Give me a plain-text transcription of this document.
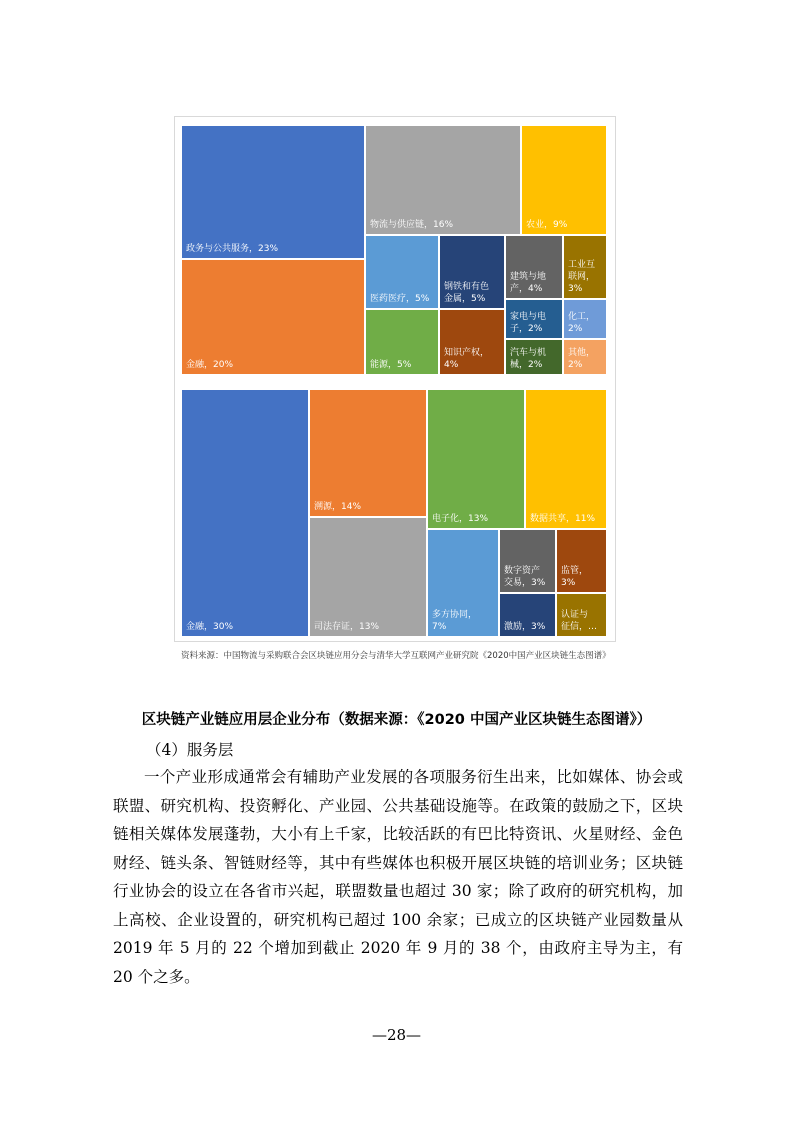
政务与公共服务，23%
金融，20%
物流与供应链，16%	农业，9%
医药医疗，5%
钢铁和有色
金属，5%
建筑与地
产，4%
工业互
联网，
3%
能源，5%
知识产权，
4%
家电与电
子，2%
化工，
2%
汽车与机
械，2%
其他，
2%
金融，30%
溯源，14%
司法存证，13%
电子化，13%	数据共享，11%
多方协同，
7%
数字资产
交易，3%
监管，3%
激励，3%
认证与
征信，…
资料来源：中国物流与采购联合会区块链应用分会与清华大学互联网产业研究院《2020中国产业区块链生态图谱》
区块链产业链应用层企业分布（数据来源：《2020 中国产业区块链生态图谱》）
（4）服务层
一个产业形成通常会有辅助产业发展的各项服务衍生出来，比如媒体、协会或联盟、研究机构、投资孵化、产业园、公共基础设施等。在政策的鼓励之下，区块链相关媒体发展蓬勃，大小有上千家，比较活跃的有巴比特资讯、火星财经、金色财经、链头条、智链财经等，其中有些媒体也积极开展区块链的培训业务；区块链行业协会的设立在各省市兴起，联盟数量也超过 30 家；除了政府的研究机构，加上高校、企业设置的，研究机构已超过 100 余家；已成立的区块链产业园数量从 2019 年 5 月的 22 个增加到截止 2020 年 9 月的 38 个，由政府主导为主，有 20 个之多。
—28—
